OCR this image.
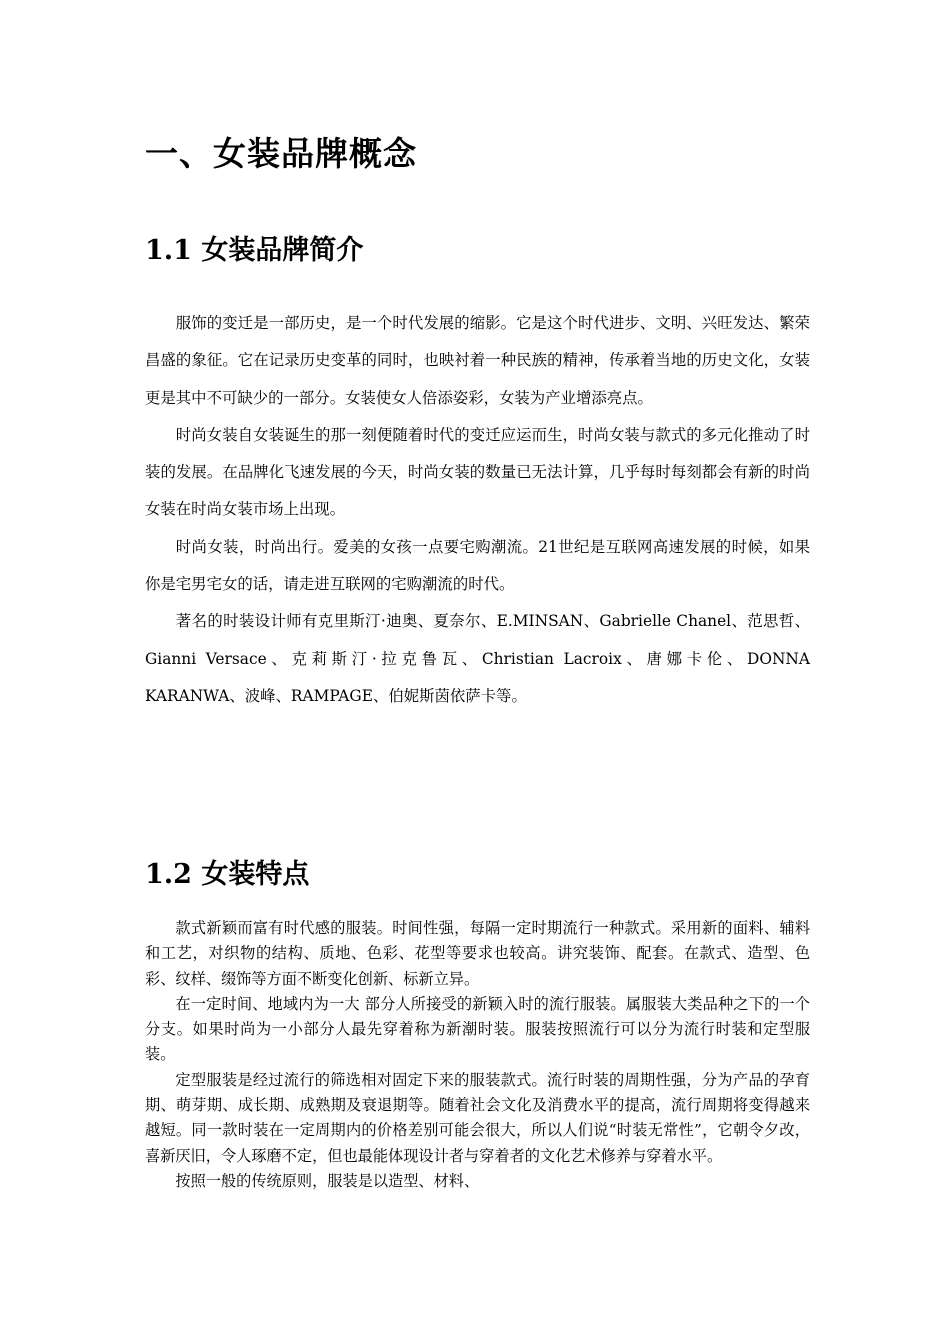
一、女装品牌概念
1.1 女装品牌简介

服饰的变迁是一部历史，是一个时代发展的缩影。它是这个时代进步、文明、兴旺发达、繁荣昌盛的象征。它在记录历史变革的同时，也映衬着一种民族的精神，传承着当地的历史文化，女装更是其中不可缺少的一部分。女装使女人倍添姿彩，女装为产业增添亮点。

时尚女装自女装诞生的那一刻便随着时代的变迁应运而生，时尚女装与款式的多元化推动了时装的发展。在品牌化飞速发展的今天，时尚女装的数量已无法计算，几乎每时每刻都会有新的时尚女装在时尚女装市场上出现。

时尚女装，时尚出行。爱美的女孩一点要宅购潮流。21世纪是互联网高速发展的时候，如果你是宅男宅女的话，请走进互联网的宅购潮流的时代。

著名的时装设计师有克里斯汀·迪奥、夏奈尔、E.MINSAN、Gabrielle Chanel、范思哲、Gianni Versace、克莉斯汀·拉克鲁瓦、Christian Lacroix、唐娜卡伦、DONNA KARANWA、波峰、RAMPAGE、伯妮斯茵依萨卡等。

1.2 女装特点

款式新颖而富有时代感的服装。时间性强，每隔一定时期流行一种款式。采用新的面料、辅料和工艺，对织物的结构、质地、色彩、花型等要求也较高。讲究装饰、配套。在款式、造型、色彩、纹样、缀饰等方面不断变化创新、标新立异。

在一定时间、地域内为一大 部分人所接受的新颖入时的流行服装。属服装大类品种之下的一个分支。如果时尚为一小部分人最先穿着称为新潮时装。服装按照流行可以分为流行时装和定型服装。

定型服装是经过流行的筛选相对固定下来的服装款式。流行时装的周期性强，分为产品的孕育期、萌芽期、成长期、成熟期及衰退期等。随着社会文化及消费水平的提高，流行周期将变得越来越短。同一款时装在一定周期内的价格差别可能会很大，所以人们说“时装无常性”，它朝令夕改，喜新厌旧，令人琢磨不定，但也最能体现设计者与穿着者的文化艺术修养与穿着水平。

按照一般的传统原则，服装是以造型、材料、
